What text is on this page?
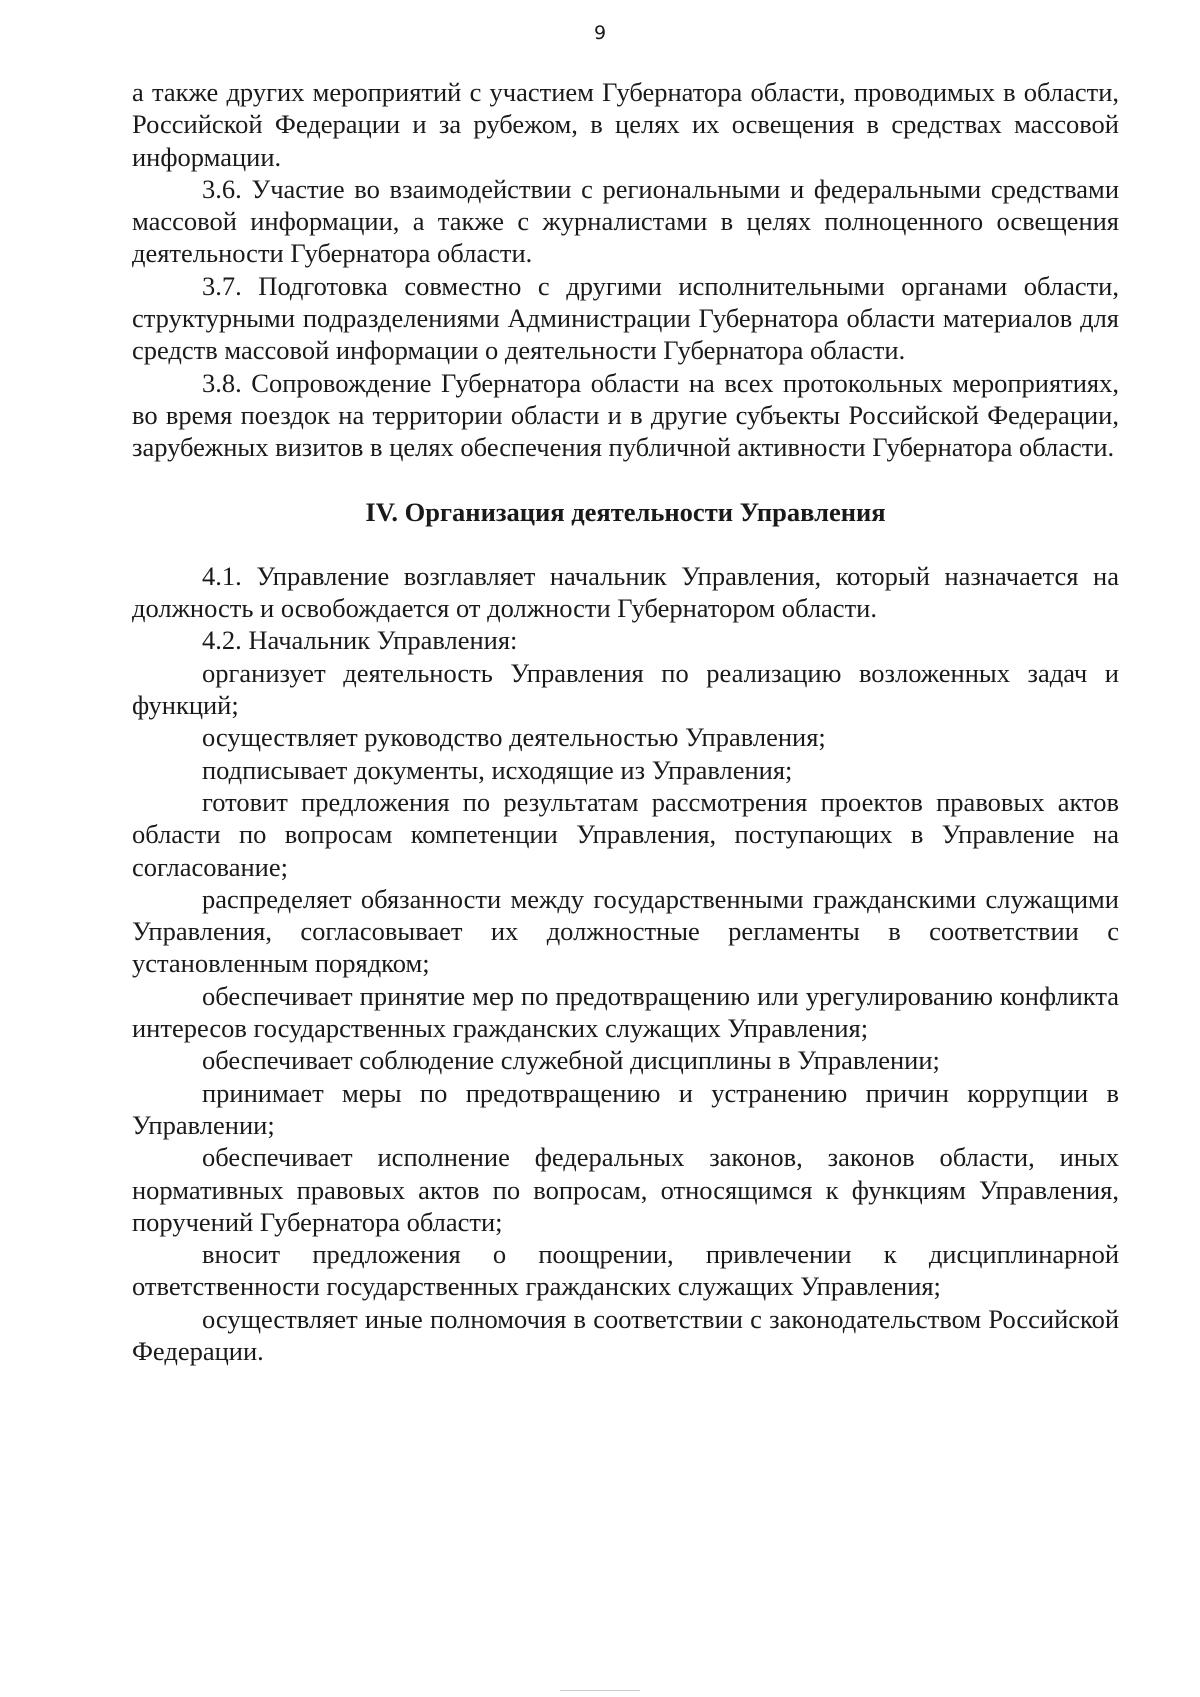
9

а также других мероприятий с участием Губернатора области, проводимых в области, Российской Федерации и за рубежом, в целях их освещения в средствах массовой информации.

3.6. Участие во взаимодействии с региональными и федеральными средствами массовой информации, а также с журналистами в целях полноценного освещения деятельности Губернатора области.

3.7. Подготовка совместно с другими исполнительными органами области, структурными подразделениями Администрации Губернатора области материалов для средств массовой информации о деятельности Губернатора области.

3.8. Сопровождение Губернатора области на всех протокольных мероприятиях, во время поездок на территории области и в другие субъекты Российской Федерации, зарубежных визитов в целях обеспечения публичной активности Губернатора области.

IV. Организация деятельности Управления

4.1. Управление возглавляет начальник Управления, который назначается на должность и освобождается от должности Губернатором области.

4.2. Начальник Управления:

организует деятельность Управления по реализацию возложенных задач и функций;

осуществляет руководство деятельностью Управления;

подписывает документы, исходящие из Управления;

готовит предложения по результатам рассмотрения проектов правовых актов области по вопросам компетенции Управления, поступающих в Управление на согласование;

распределяет обязанности между государственными гражданскими служащими Управления, согласовывает их должностные регламенты в соответствии с установленным порядком;

обеспечивает принятие мер по предотвращению или урегулированию конфликта интересов государственных гражданских служащих Управления;

обеспечивает соблюдение служебной дисциплины в Управлении;

принимает меры по предотвращению и устранению причин коррупции в Управлении;

обеспечивает исполнение федеральных законов, законов области, иных нормативных правовых актов по вопросам, относящимся к функциям Управления, поручений Губернатора области;

вносит предложения о поощрении, привлечении к дисциплинарной ответственности государственных гражданских служащих Управления;

осуществляет иные полномочия в соответствии с законодательством Российской Федерации.
